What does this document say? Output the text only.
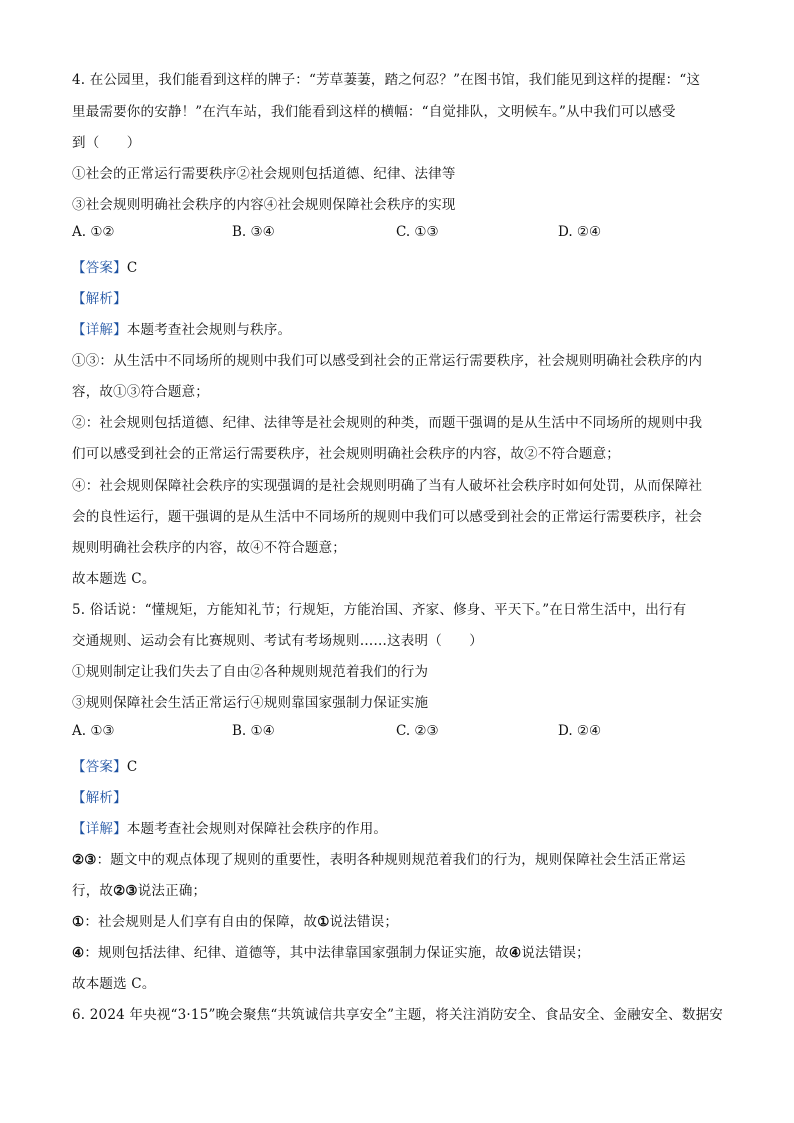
4. 在公园里，我们能看到这样的牌子：“芳草萋萋，踏之何忍？”在图书馆，我们能见到这样的提醒：“这
里最需要你的安静！”在汽车站，我们能看到这样的横幅：“自觉排队，文明候车。”从中我们可以感受
到（　　）
①社会的正常运行需要秩序②社会规则包括道德、纪律、法律等
③社会规则明确社会秩序的内容④社会规则保障社会秩序的实现
A. ①②	B. ③④	C. ①③	D. ②④
【答案】C
【解析】
【详解】本题考查社会规则与秩序。
①③：从生活中不同场所的规则中我们可以感受到社会的正常运行需要秩序，社会规则明确社会秩序的内
容，故①③符合题意；
②：社会规则包括道德、纪律、法律等是社会规则的种类，而题干强调的是从生活中不同场所的规则中我
们可以感受到社会的正常运行需要秩序，社会规则明确社会秩序的内容，故②不符合题意；
④：社会规则保障社会秩序的实现强调的是社会规则明确了当有人破坏社会秩序时如何处罚，从而保障社
会的良性运行，题干强调的是从生活中不同场所的规则中我们可以感受到社会的正常运行需要秩序，社会
规则明确社会秩序的内容，故④不符合题意；
故本题选 C。
5. 俗话说：“懂规矩，方能知礼节；行规矩，方能治国、齐家、修身、平天下。”在日常生活中，出行有
交通规则、运动会有比赛规则、考试有考场规则……这表明（　　）
①规则制定让我们失去了自由②各种规则规范着我们的行为
③规则保障社会生活正常运行④规则靠国家强制力保证实施
A. ①③	B. ①④	C. ②③	D. ②④
【答案】C
【解析】
【详解】本题考查社会规则对保障社会秩序的作用。
②③：题文中的观点体现了规则的重要性，表明各种规则规范着我们的行为，规则保障社会生活正常运
行，故②③说法正确；
①：社会规则是人们享有自由的保障，故①说法错误；
④：规则包括法律、纪律、道德等，其中法律靠国家强制力保证实施，故④说法错误；
故本题选 C。
6. 2024 年央视“3·15”晚会聚焦“共筑诚信共享安全”主题，将关注消防安全、食品安全、金融安全、数据安
